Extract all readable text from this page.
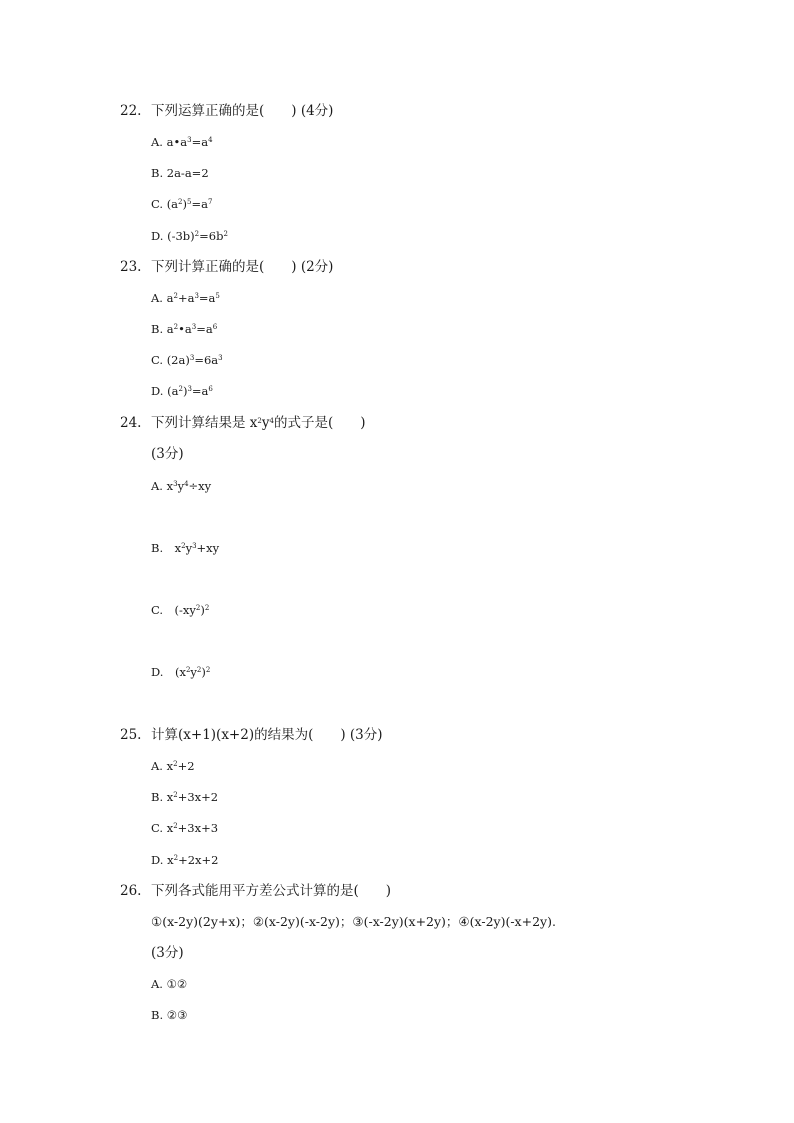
22. 下列运算正确的是(　　) (4分)
A. $a•a^3=a^4$
B. 2a-a=2
C. $(a^2)^5=a^7$
D. $(-3b)^2=6b^2$
23. 下列计算正确的是(　　) (2分)
A. $a^2+a^3=a^5$
B. $a^2•a^3=a^6$
C. $(2a)^3=6a^3$
D. $(a^2)^3=a^6$
24. 下列计算结果是 $x^2y^4$的式子是(　　)
(3分)
A. $x^3y^4\div xy$
B.　$x^2y^3+xy$
C.　$(-xy^2)^2$
D.　$(x^2y^2)^2$
25. 计算(x+1)(x+2)的结果为(　　) (3分)
A. $x^2+2$
B. $x^2+3x+2$
C. $x^2+3x+3$
D. $x^2+2x+2$
26. 下列各式能用平方差公式计算的是(　　)
①(x-2y)(2y+x)；②(x-2y)(-x-2y)；③(-x-2y)(x+2y)；④(x-2y)(-x+2y).
(3分)
A. ①②
B. ②③
